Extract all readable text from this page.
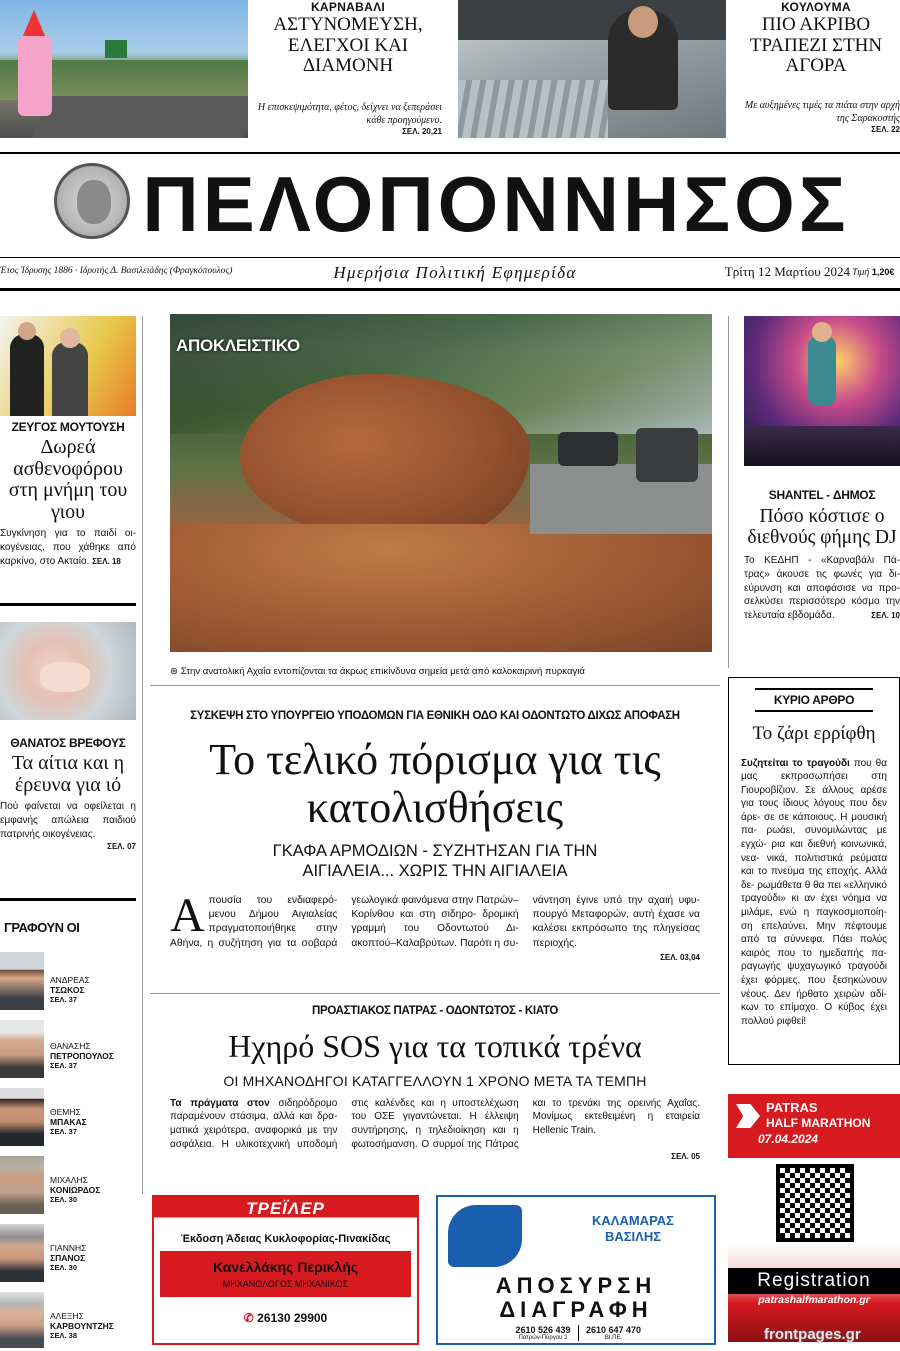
ΚΑΡΝΑΒΑΛΙ
ΑΣΤΥΝΟΜΕΥΣΗ, ΕΛΕΓΧΟΙ ΚΑΙ ΔΙΑΜΟΝΗ
Η επισκεψιμότητα, φέτος, δείχνει να ξεπεράσει κάθε προηγούμενο.
ΣΕΛ. 20,21
ΚΟΥΛΟΥΜΑ
ΠΙΟ ΑΚΡΙΒΟ ΤΡΑΠΕΖΙ ΣΤΗΝ ΑΓΟΡΑ
Με αυξημένες τιμές τα πιάτα στην αρχή της Σαρακοστής
ΣΕΛ. 22
ΠΕΛΟΠΟΝΝΗΣΟΣ
Έτος Ίδρυσης 1886 · Ιδρυτής Δ. Βασιλειάδης (Φραγκόπουλος)	Ημερήσια Πολιτική Εφημερίδα	Τρίτη 12 Μαρτίου 2024 Τιμή 1,20€
ΖΕΥΓΟΣ ΜΟΥΤΟΥΣΗ
Δωρεά ασθενοφόρου στη μνήμη του γιου
Συγκίνηση για το παιδί οι- κογένειας, που χάθηκε από καρκίνο, στο Ακταίο. ΣΕΛ. 18
ΘΑΝΑΤΟΣ ΒΡΕΦΟΥΣ
Τα αίτια και η έρευνα για ιό
Πού φαίνεται να οφείλεται η εμφανής απώλεια παιδιού πατρινής οικογένειας.
ΣΕΛ. 07
ΓΡΑΦΟΥΝ ΟΙ
ΑΝΔΡΕΑΣ
ΤΣΩΚΟΣ
ΣΕΛ. 37
ΘΑΝΑΣΗΣ
ΠΕΤΡΟΠΟΥΛΟΣ
ΣΕΛ. 37
ΘΕΜΗΣ
ΜΠΑΚΑΣ
ΣΕΛ. 37
ΜΙΧΑΛΗΣ
ΚΟΝΙΩΡΔΟΣ
ΣΕΛ. 30
ΓΙΑΝΝΗΣ
ΣΠΑΝΟΣ
ΣΕΛ. 30
ΑΛΕΞΗΣ
ΚΑΡΒΟΥΝΤΖΗΣ
ΣΕΛ. 38
ΑΠΟΚΛΕΙΣΤΙΚΟ
⊛ Στην ανατολική Αχαΐα εντοπίζονται τα άκρως επικίνδυνα σημεία μετά από καλοκαιρινή πυρκαγιά
ΣΥΣΚΕΨΗ ΣΤΟ ΥΠΟΥΡΓΕΙΟ ΥΠΟΔΟΜΩΝ ΓΙΑ ΕΘΝΙΚΗ ΟΔΟ ΚΑΙ ΟΔΟΝΤΩΤΟ ΔΙΧΩΣ ΑΠΟΦΑΣΗ
Το τελικό πόρισμα για τις κατολισθήσεις
ΓΚΑΦΑ ΑΡΜΟΔΙΩΝ - ΣΥΖΗΤΗΣΑΝ ΓΙΑ ΤΗΝ ΑΙΓΙΑΛΕΙΑ... ΧΩΡΙΣ ΤΗΝ ΑΙΓΙΑΛΕΙΑ
Απουσία του ενδιαφερό- μενου Δήμου Αιγιαλείας πραγματοποιήθηκε στην Αθήνα, η συζήτηση για τα σοβαρά γεωλογικά φαινόμενα στην Πατρών–Κορίνθου και στη σιδηρο- δρομική γραμμή του Οδοντωτού Δι- ακοπτού–Καλαβρύτων. Παρότι η συ- νάντηση έγινε υπό την αχαιή υφυ- πουργό Μεταφορών, αυτή έχασε να καλέσει εκπρόσωπο της πληγείσας περιοχής.
ΣΕΛ. 03,04
ΠΡΟΑΣΤΙΑΚΟΣ ΠΑΤΡΑΣ - ΟΔΟΝΤΩΤΟΣ - ΚΙΑΤΟ
Ηχηρό SOS για τα τοπικά τρένα
ΟΙ ΜΗΧΑΝΟΔΗΓΟΙ ΚΑΤΑΓΓΕΛΛΟΥΝ 1 ΧΡΟΝΟ ΜΕΤΑ ΤΑ ΤΕΜΠΗ
Τα πράγματα στον σιδηρόδρομο παραμένουν στάσιμα, αλλά και δρα- ματικά χειρότερα, αναφορικά με την ασφάλεια. Η υλικοτεχνική υποδομή στις καλένδες και η υποστελέχωση του ΟΣΕ γιγαντώνεται. Η έλλειψη συντήρησης, η τηλεδιοίκηση και η φωτοσήμανση. Ο συρμοί της Πάτρας και το τρενάκι της ορεινής Αχαΐας. Μονίμως εκτεθειμένη η εταιρεία Hellenic Train.
ΣΕΛ. 05
SHANTEL - ΔΗΜΟΣ
Πόσο κόστισε ο διεθνούς φήμης DJ
Το ΚΕΔΗΠ - «Καρναβάλι Πά- τρας» άκουσε τις φωνές για δι- εύρυνση και αποφάσισε να προ- σελκύσει περισσότερο κόσμο την τελευταία εβδομάδα.	ΣΕΛ. 10
ΚΥΡΙΟ ΑΡΘΡΟ
Το ζάρι ερρίφθη
Συζητείται το τραγούδι που θα μας εκπροσωπήσει στη Γιουροβίζιον. Σε άλλους αρέσε για τους ίδιους λόγους που δεν άρε- σε σε κάποιους. Η μουσική πα- ρωάει, συνομιλώντας με εγχώ- ρια και διεθνή κοινωνικά, νεα- νικά, πολιτιστικά ρεύματα και το πνεύμα της εποχής. Αλλά δε- ρωμάθετα θ θα πει «ελληνικό τραγούδι» κι αν έχει νόημα να μιλάμε, ενώ η παγκοσμιοποίη- ση επελαύνει. Μην πέφτουμε από τα σύννεφα. Πάει πολύς καιρός που το ημεδαπής πα- ραγωγής ψυχαγωγικό τραγούδι έχει φόρμες, που ξεσηκώνουν νέους. Δεν ήρθατο χειρών αδί- κων το επίμαχο. Ο κύβος έχει πολλού ριφθεί!
PATRAS
HALF MARATHON
07.04.2024
Registration
patrashalfmarathon.gr
ΤΡΕΪΛΕΡ
Έκδοση Άδειας Κυκλοφορίας-Πινακίδας
Κανελλάκης Περικλής
ΜΗΧΑΝΟΛΟΓΟΣ ΜΗΧΑΝΙΚΟΣ
✆ 26130 29900
ΚΑΛΑΜΑΡΑΣ
ΒΑΣΙΛΗΣ
ΑΠΟΣΥΡΣΗ
ΔΙΑΓΡΑΦΗ
2610 526 439
Πατρών-Πύργου 2
2610 647 470
ΒΙ.ΠΕ.	frontpages.gr
